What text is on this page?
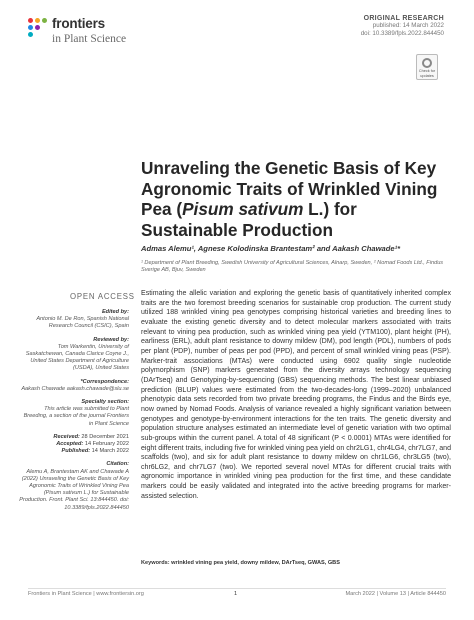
frontiers
in Plant Science
ORIGINAL RESEARCH
published: 14 March 2022
doi: 10.3389/fpls.2022.844450
Check for updates
Unraveling the Genetic Basis of Key Agronomic Traits of Wrinkled Vining Pea (Pisum sativum L.) for Sustainable Production
Admas Alemu¹, Agnese Kolodinska Brantestam² and Aakash Chawade¹*
¹ Department of Plant Breeding, Swedish University of Agricultural Sciences, Alnarp, Sweden, ² Nomad Foods Ltd., Findus Sverige AB, Bjuv, Sweden
OPEN ACCESS
Edited by:
Antonio M. De Ron, Spanish National Research Council (CSIC), Spain
Reviewed by:
Tom Warkentin, University of Saskatchewan, Canada Clarice Coyne J., United States Department of Agriculture (USDA), United States
*Correspondence:
Aakash Chawade aakash.chawade@slu.se
Specialty section:
This article was submitted to Plant Breeding, a section of the journal Frontiers in Plant Science
Received: 28 December 2021
Accepted: 14 February 2022
Published: 14 March 2022
Citation:
Alemu A, Brantestam AK and Chawade A (2022) Unraveling the Genetic Basis of Key Agronomic Traits of Wrinkled Vining Pea (Pisum sativum L.) for Sustainable Production. Front. Plant Sci. 13:844450. doi: 10.3389/fpls.2022.844450
Estimating the allelic variation and exploring the genetic basis of quantitatively inherited complex traits are the two foremost breeding scenarios for sustainable crop production. The current study utilized 188 wrinkled vining pea genotypes comprising historical varieties and breeding lines to evaluate the existing genetic diversity and to detect molecular markers associated with traits relevant to vining pea production, such as wrinkled vining pea yield (YTM100), plant height (PH), earliness (ERL), adult plant resistance to downy mildew (DM), pod length (PDL), numbers of pods per plant (PDP), number of peas per pod (PPD), and percent of small wrinkled vining peas (PSP). Marker-trait associations (MTAs) were conducted using 6902 quality single nucleotide polymorphism (SNP) markers generated from the diversity arrays technology sequencing (DArTseq) and Genotyping-by-sequencing (GBS) sequencing methods. The best linear unbiased prediction (BLUP) values were estimated from the two-decades-long (1999–2020) unbalanced phenotypic data sets recorded from two private breeding programs, the Findus and the Birds eye, now owned by Nomad Foods. Analysis of variance revealed a highly significant variation between genotypes and genotype-by-environment interactions for the ten traits. The genetic diversity and population structure analyses estimated an intermediate level of genetic variation with two optimal sub-groups within the current panel. A total of 48 significant (P < 0.0001) MTAs were identified for eight different traits, including five for wrinkled vining pea yield on chr2LG1, chr4LG4, chr7LG7, and scaffolds (two), and six for adult plant resistance to downy mildew on chr1LG6, chr3LG5 (two), chr6LG2, and chr7LG7 (two). We reported several novel MTAs for different crucial traits with agronomic importance in wrinkled vining pea production for the first time, and these candidate markers could be easily validated and integrated into the active breeding programs for marker-assisted selection.
Keywords: wrinkled vining pea yield, downy mildew, DArTseq, GWAS, GBS
Frontiers in Plant Science | www.frontiersin.org	1	March 2022 | Volume 13 | Article 844450
